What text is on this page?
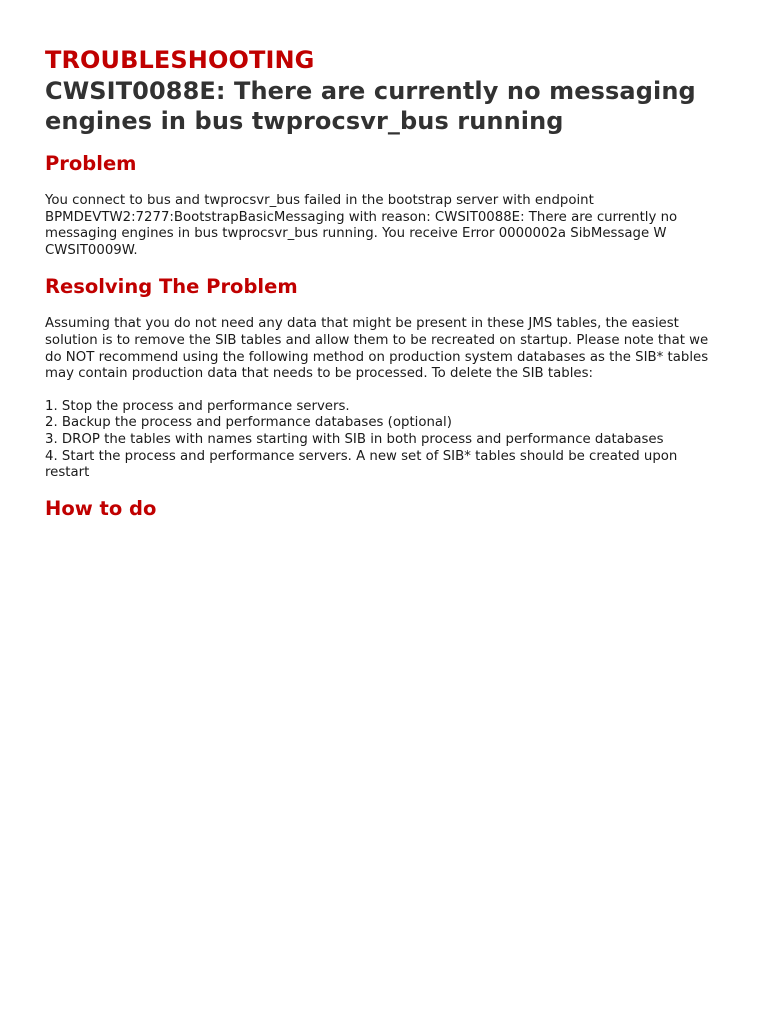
TROUBLESHOOTING
CWSIT0088E: There are currently no messaging engines in bus twprocsvr_bus running
Problem

You connect to bus and twprocsvr_bus failed in the bootstrap server with endpoint BPMDEVTW2:7277:BootstrapBasicMessaging with reason: CWSIT0088E: There are currently no messaging engines in bus twprocsvr_bus running. You receive Error 0000002a SibMessage W CWSIT0009W.

Resolving The Problem

Assuming that you do not need any data that might be present in these JMS tables, the easiest solution is to remove the SIB tables and allow them to be recreated on startup. Please note that we do NOT recommend using the following method on production system databases as the SIB* tables may contain production data that needs to be processed. To delete the SIB tables:

1. Stop the process and performance servers.
2. Backup the process and performance databases (optional)
3. DROP the tables with names starting with SIB in both process and performance databases
4. Start the process and performance servers. A new set of SIB* tables should be created upon restart
How to do
